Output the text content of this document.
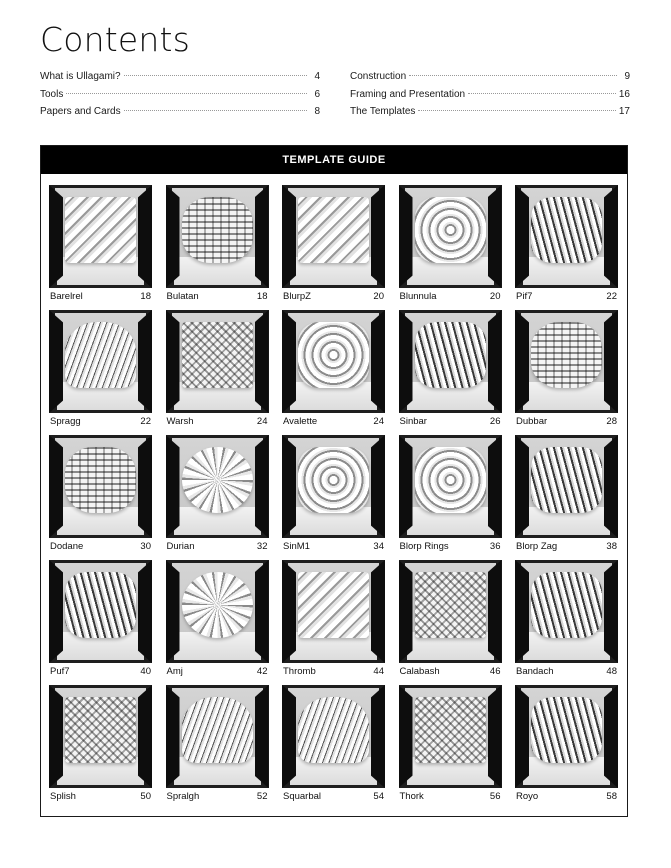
Contents
What is Ullagami?	4
Tools	6
Papers and Cards	8
Construction	9
Framing and Presentation	16
The Templates	17
TEMPLATE GUIDE
Barelrel	18 Bulatan	18 BlurpZ	20 Blunnula	20 Pif7	22
Spragg	22 Warsh	24 Avalette	24 Sinbar	26 Dubbar	28
Dodane	30 Durian	32 SinM1	34 Blorp Rings	36 Blorp Zag	38
Puf7	40 Amj	42 Thromb	44 Calabash	46 Bandach	48
Splish	50 Spralgh	52 Squarbal	54 Thork	56 Royo	58
